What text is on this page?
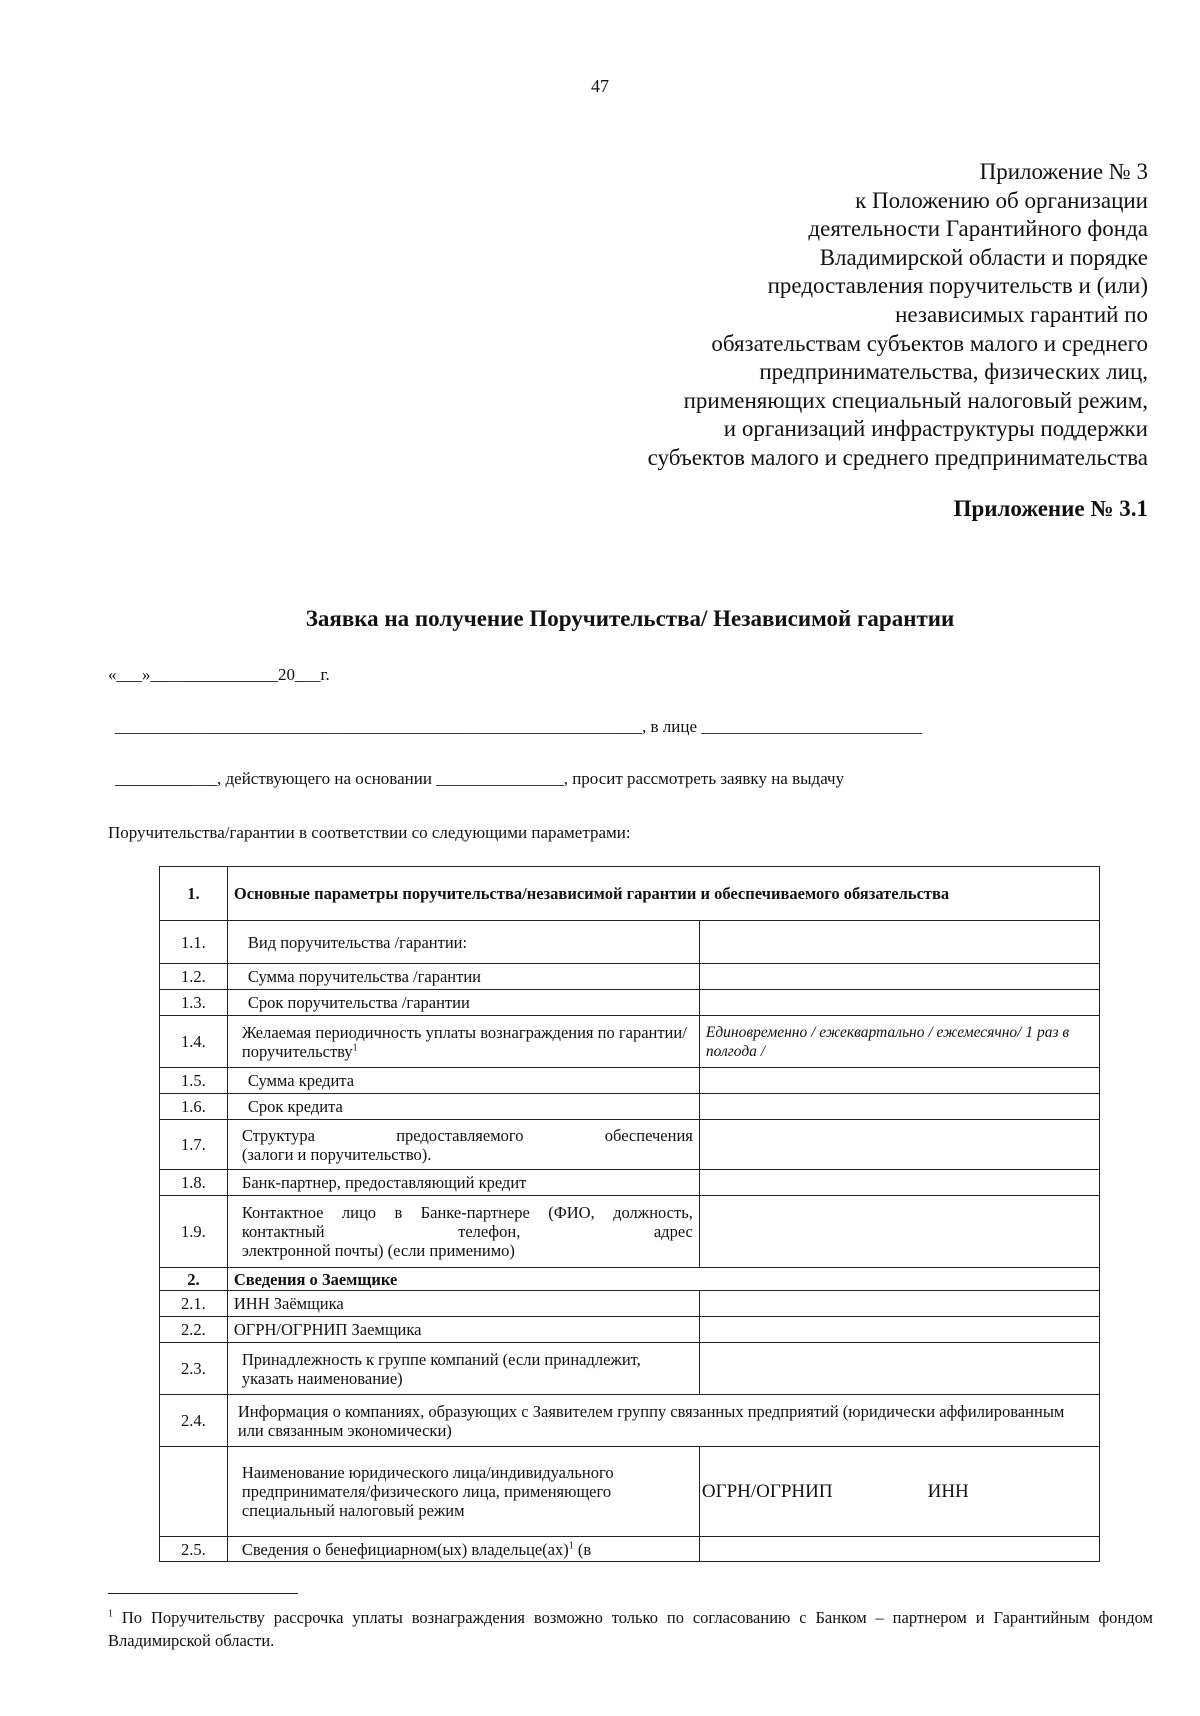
47
Приложение № 3
к Положению об организации
деятельности Гарантийного фонда
Владимирской области и порядке
предоставления поручительств и (или)
независимых гарантий по
обязательствам субъектов малого и среднего
предпринимательства, физических лиц,
применяющих специальный налоговый режим,
и организаций инфраструктуры поддержки
субъектов малого и среднего предпринимательства
Приложение № 3.1
Заявка на получение Поручительства/ Независимой гарантии
«___»_______________20___г.
______________________________________________________________, в лице __________________________
____________, действующего на основании _______________, просит рассмотреть заявку на выдачу
Поручительства/гарантии в соответствии со следующими параметрами:
1.	Основные параметры поручительства/независимой гарантии и обеспечиваемого обязательства	
1.1.	Вид поручительства /гарантии:	
1.2.	Сумма поручительства /гарантии	
1.3.	Срок поручительства /гарантии	
1.4.	Желаемая периодичность уплаты вознаграждения по гарантии/поручительству$^1$	Единовременно / ежеквартально / ежемесячно/ 1 раз в полгода /
1.5.	Сумма кредита	
1.6.	Срок кредита	
1.7.	Структура предоставляемого обеспечения
(залоги и поручительство).	

1.8.	Банк-партнер, предоставляющий кредит	
1.9.	Контактное лицо в Банке-партнере (ФИО, должность, контактный телефон, адрес
электронной почты) (если применимо)	

2.	Сведения о Заемщике	
2.1.	ИНН Заёмщика	
2.2.	ОГРН/ОГРНИП Заемщика	
2.3.	Принадлежность к группе компаний (если принадлежит, указать наименование)	
2.4.	Информация о компаниях, образующих с Заявителем группу связанных предприятий (юридически аффилированным или связанным экономически)	
	Наименование юридического лица/индивидуального предпринимателя/физического лица, применяющего специальный налоговый режим	ОГРН/ОГРНИП ИНН
2.5.	Сведения о бенефициарном(ых) владельце(ах)$^1$ (в	
$^1$ По Поручительству рассрочка уплаты вознаграждения возможно только по согласованию с Банком – партнером и Гарантийным фондом Владимирской области.
